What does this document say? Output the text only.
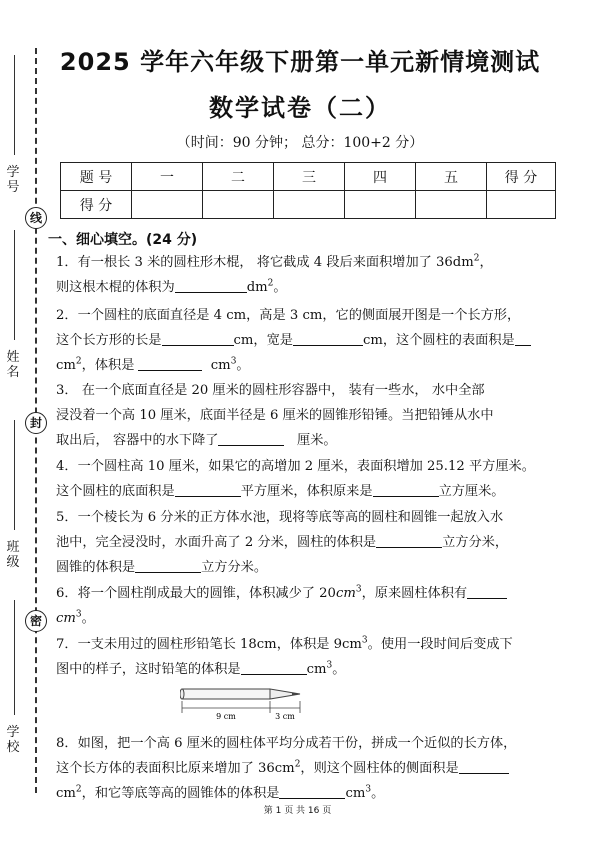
学 号
姓 名
班 级
学 校
线
封
密
2025 学年六年级下册第一单元新情境测试
数学试卷（二）
（时间：90 分钟； 总分：100+2 分）
题 号	一	二	三	四	五	得 分
得 分						
一、细心填空。(24 分)
1．有一根长 3 米的圆柱形木棍， 将它截成 4 段后来面积增加了 $36dm^2$，
则这根木棍的体积为	$dm^2$。
2．一个圆柱的底面直径是 4 cm，高是 3 cm，它的侧面展开图是一个长方形，
这个长方形的长是	cm，宽是	cm，这个圆柱的表面积是
$cm^2$，体积是	$cm^3$。
3． 在一个底面直径是 20 厘米的圆柱形容器中， 装有一些水， 水中全部
浸没着一个高 10 厘米，底面半径是 6 厘米的圆锥形铅锤。当把铅锤从水中
取出后， 容器中的水下降了	厘米。
4．一个圆柱高 10 厘米，如果它的高增加 2 厘米，表面积增加 25.12 平方厘米。
这个圆柱的底面积是	平方厘米，体积原来是	立方厘米。
5．一个棱长为 6 分米的正方体水池，现将等底等高的圆柱和圆锥一起放入水
池中，完全浸没时，水面升高了 2 分米，圆柱的体积是	立方分米，
圆锥的体积是	立方分米。
6．将一个圆柱削成最大的圆锥，体积减少了 $20cm^3$，原来圆柱体积有
$cm^3$。
7．一支未用过的圆柱形铅笔长 18cm，体积是 $9cm^3$。使用一段时间后变成下
图中的样子，这时铅笔的体积是	$cm^3$。
9 cm	3 cm
8．如图，把一个高 6 厘米的圆柱体平均分成若干份，拼成一个近似的长方体，
这个长方体的表面积比原来增加了 $36cm^2$，则这个圆柱体的侧面积是
$cm^2$，和它等底等高的圆锥体的体积是	$cm^3$。
第 1 页 共 16 页
